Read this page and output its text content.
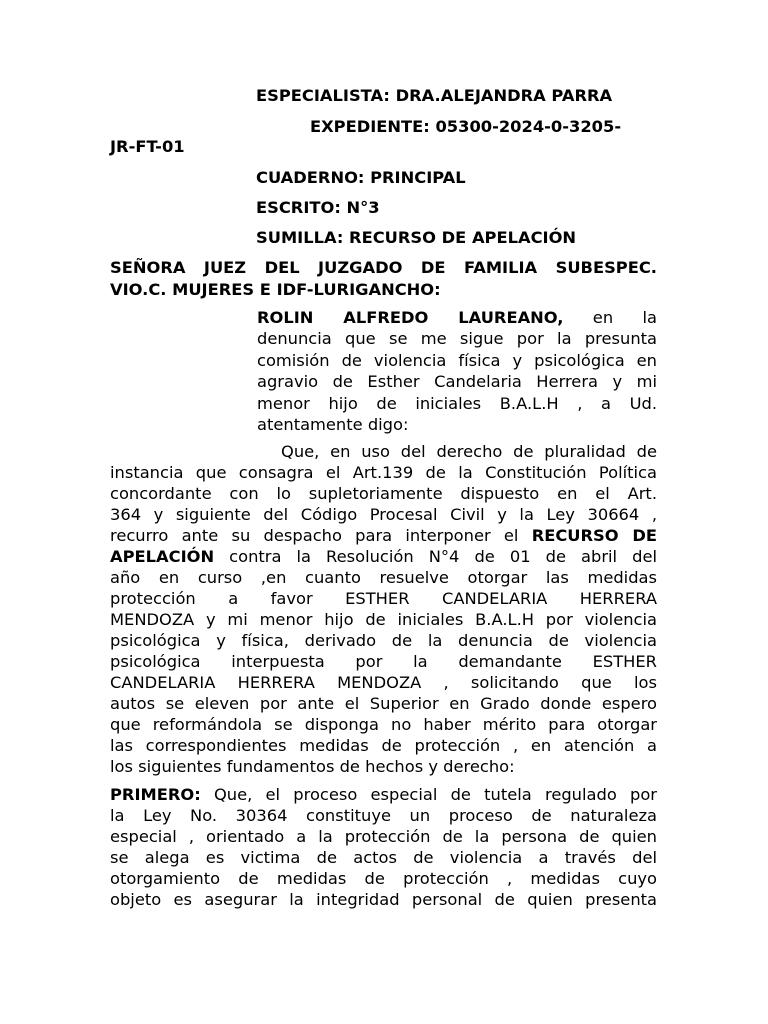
ESPECIALISTA: DRA.ALEJANDRA PARRA
EXPEDIENTE: 05300-2024-0-3205-
JR-FT-01
CUADERNO: PRINCIPAL
ESCRITO: N°3
SUMILLA: RECURSO DE APELACIÓN
SEÑORA JUEZ DEL JUZGADO DE FAMILIA SUBESPEC.
VIO.C. MUJERES E IDF-LURIGANCHO:
ROLIN ALFREDO LAUREANO, en la
denuncia que se me sigue por la presunta
comisión de violencia física y psicológica en
agravio de Esther Candelaria Herrera y mi
menor hijo de iniciales B.A.L.H , a Ud.
atentamente digo:
Que, en uso del derecho de pluralidad de
instancia que consagra el Art.139 de la Constitución Política
concordante con lo supletoriamente dispuesto en el Art.
364 y siguiente del Código Procesal Civil y la Ley 30664 ,
recurro ante su despacho para interponer el RECURSO DE
APELACIÓN contra la Resolución N°4 de 01 de abril del
año en curso ,en cuanto resuelve otorgar las medidas
protección a favor ESTHER CANDELARIA HERRERA
MENDOZA y mi menor hijo de iniciales B.A.L.H por violencia
psicológica y física, derivado de la denuncia de violencia
psicológica interpuesta por la demandante ESTHER
CANDELARIA HERRERA MENDOZA , solicitando que los
autos se eleven por ante el Superior en Grado donde espero
que reformándola se disponga no haber mérito para otorgar
las correspondientes medidas de protección , en atención a
los siguientes fundamentos de hechos y derecho:
PRIMERO: Que, el proceso especial de tutela regulado por
la Ley No. 30364 constituye un proceso de naturaleza
especial , orientado a la protección de la persona de quien
se alega es victima de actos de violencia a través del
otorgamiento de medidas de protección , medidas cuyo
objeto es asegurar la integridad personal de quien presenta
